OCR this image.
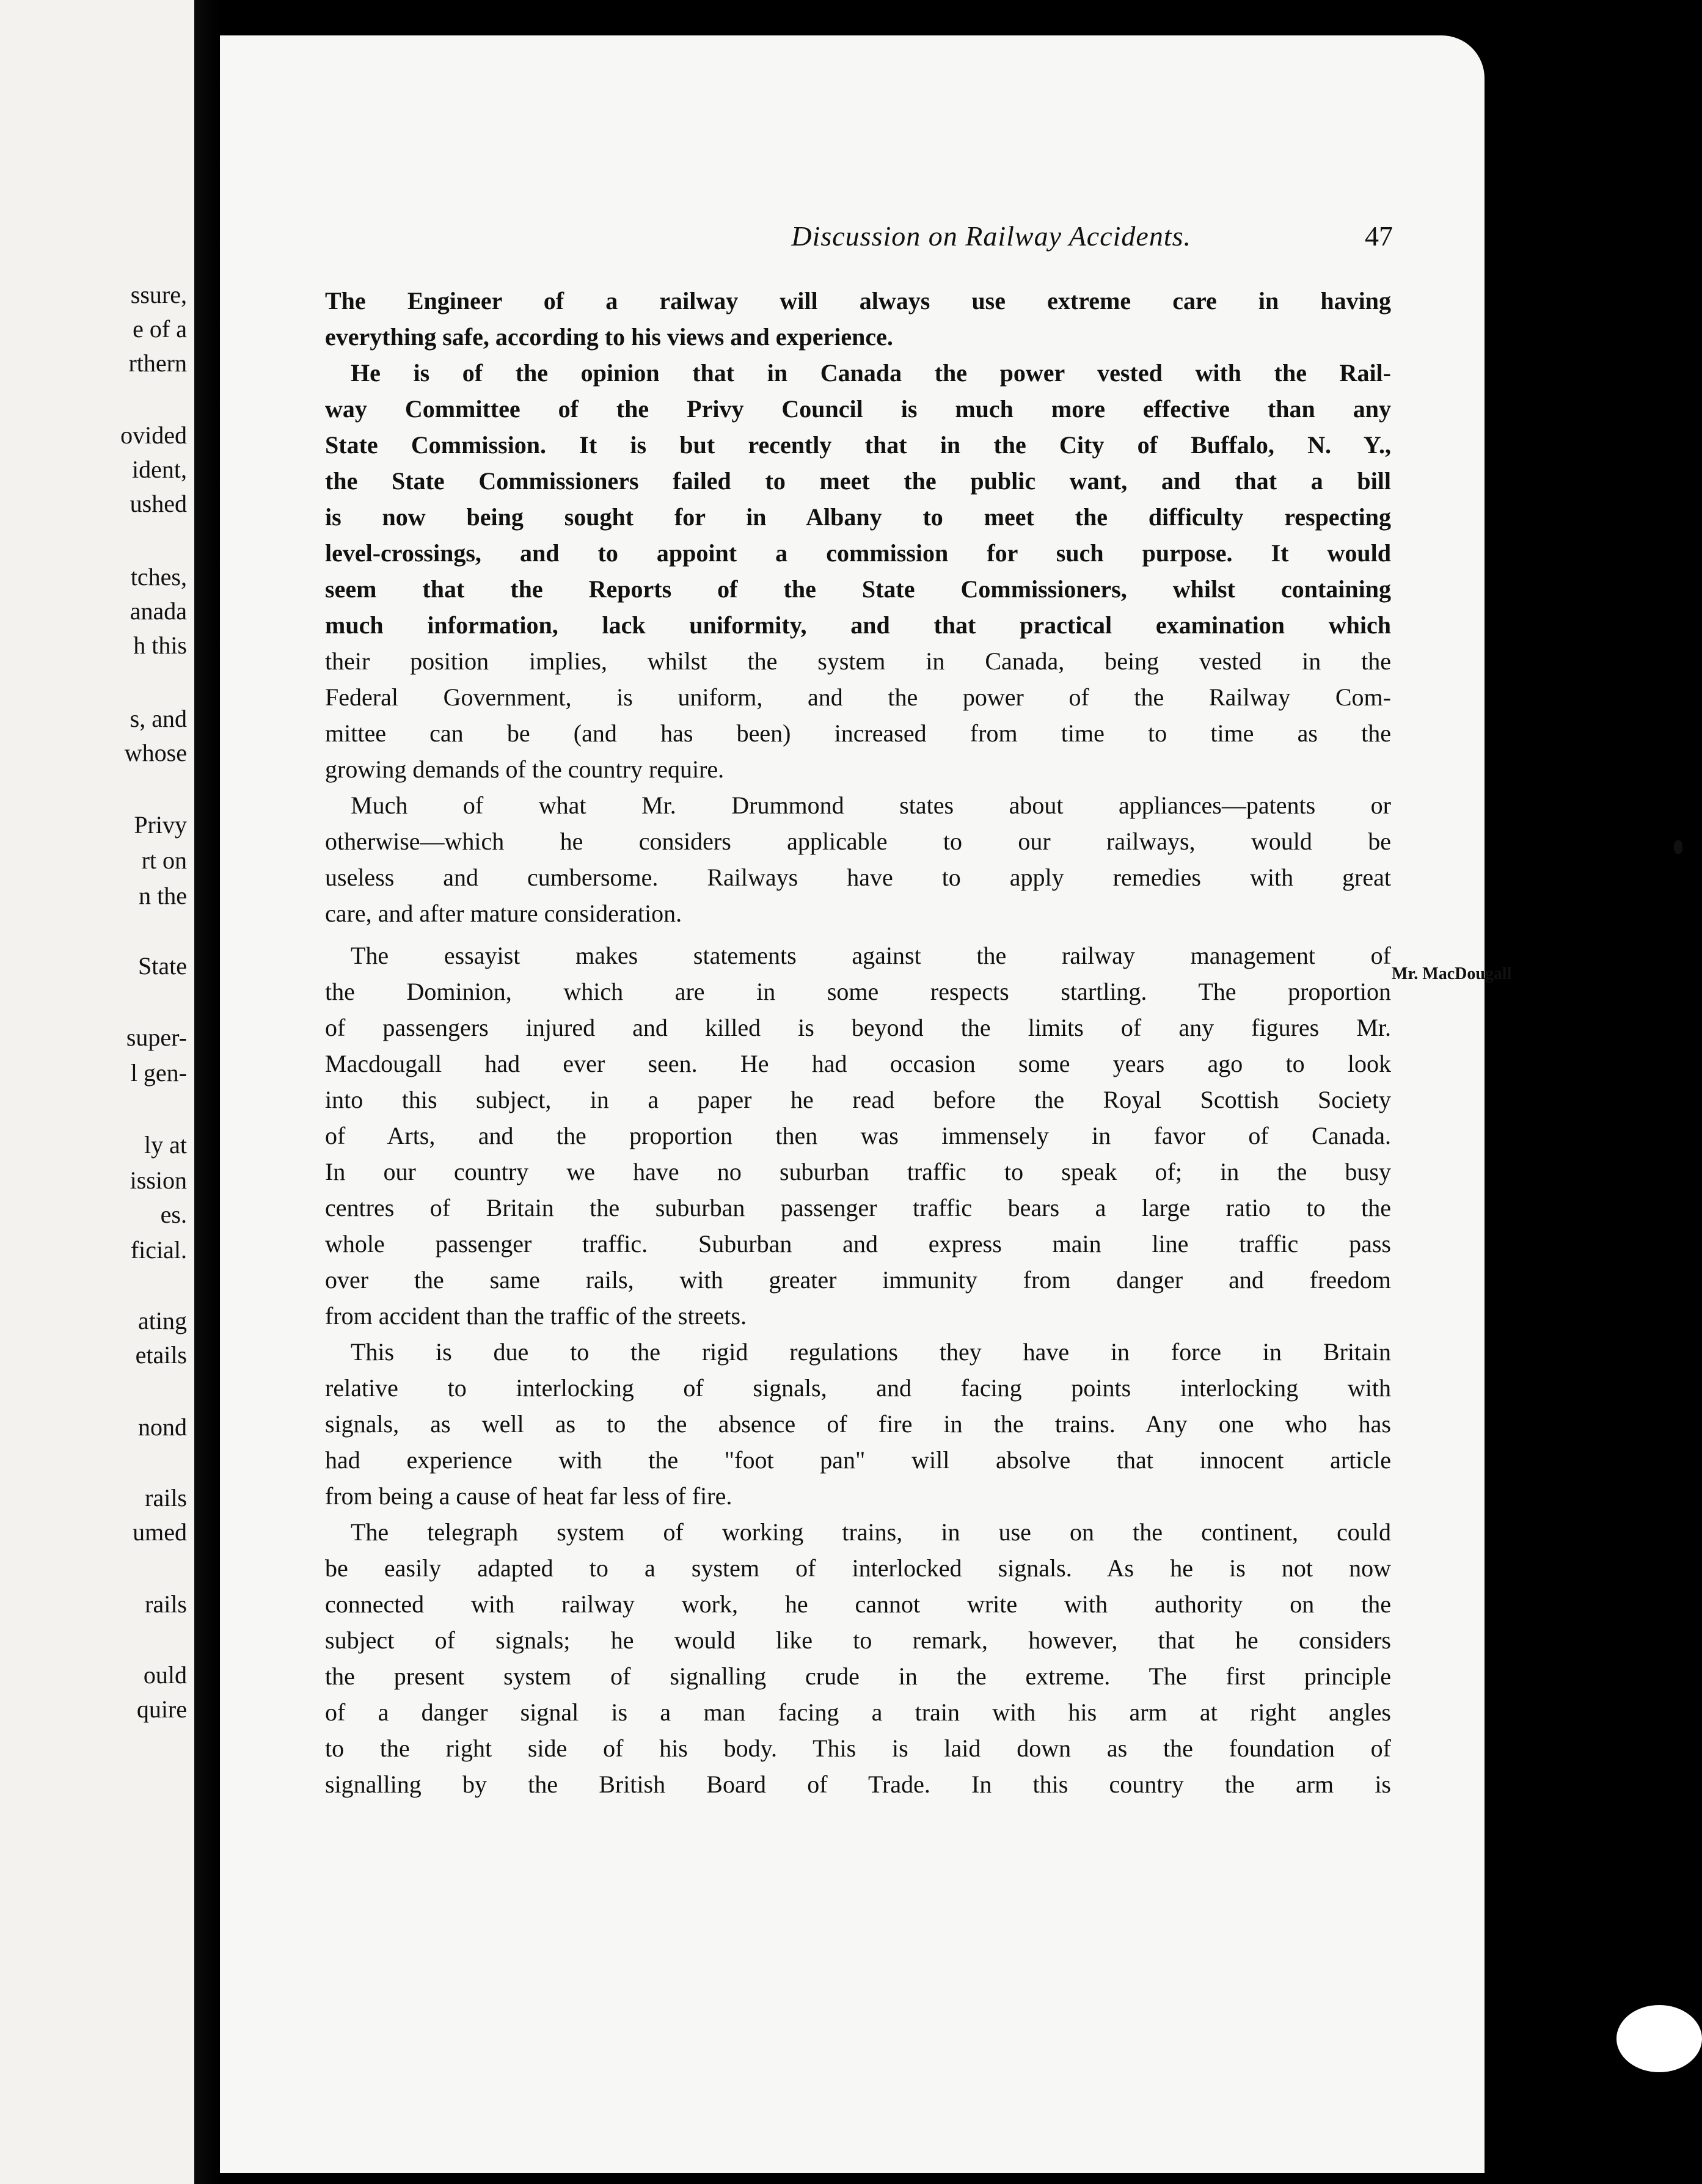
ssure,
e of a
rthern
ovided
ident,
ushed
tches,
anada
h this
s, and
whose
Privy
rt on
n the
State
super-
l gen-
ly at
ission
es.
ficial.
ating
etails
nond
rails
umed
rails
ould
quire
Discussion on Railway Accidents.	47
The Engineer of a railway will always use extreme care in having
everything safe, according to his views and experience.
He is of the opinion that in Canada the power vested with the Rail-
way Committee of the Privy Council is much more effective than any
State Commission. It is but recently that in the City of Buffalo, N. Y.,
the State Commissioners failed to meet the public want, and that a bill
is now being sought for in Albany to meet the difficulty respecting
level-crossings, and to appoint a commission for such purpose. It would
seem that the Reports of the State Commissioners, whilst containing
much information, lack uniformity, and that practical examination which
their position implies, whilst the system in Canada, being vested in the
Federal Government, is uniform, and the power of the Railway Com-
mittee can be (and has been) increased from time to time as the
growing demands of the country require.
Much of what Mr. Drummond states about appliances—patents or
otherwise—which he considers applicable to our railways, would be
useless and cumbersome. Railways have to apply remedies with great
care, and after mature consideration.
The essayist makes statements against the railway management of
the Dominion, which are in some respects startling. The proportion
of passengers injured and killed is beyond the limits of any figures Mr.
Macdougall had ever seen. He had occasion some years ago to look
into this subject, in a paper he read before the Royal Scottish Society
of Arts, and the proportion then was immensely in favor of Canada.
In our country we have no suburban traffic to speak of; in the busy
centres of Britain the suburban passenger traffic bears a large ratio to the
whole passenger traffic. Suburban and express main line traffic pass
over the same rails, with greater immunity from danger and freedom
from accident than the traffic of the streets.
This is due to the rigid regulations they have in force in Britain
relative to interlocking of signals, and facing points interlocking with
signals, as well as to the absence of fire in the trains. Any one who has
had experience with the "foot pan" will absolve that innocent article
from being a cause of heat far less of fire.
The telegraph system of working trains, in use on the continent, could
be easily adapted to a system of interlocked signals. As he is not now
connected with railway work, he cannot write with authority on the
subject of signals; he would like to remark, however, that he considers
the present system of signalling crude in the extreme. The first principle
of a danger signal is a man facing a train with his arm at right angles
to the right side of his body. This is laid down as the foundation of
signalling by the British Board of Trade. In this country the arm is
Mr. MacDougall
